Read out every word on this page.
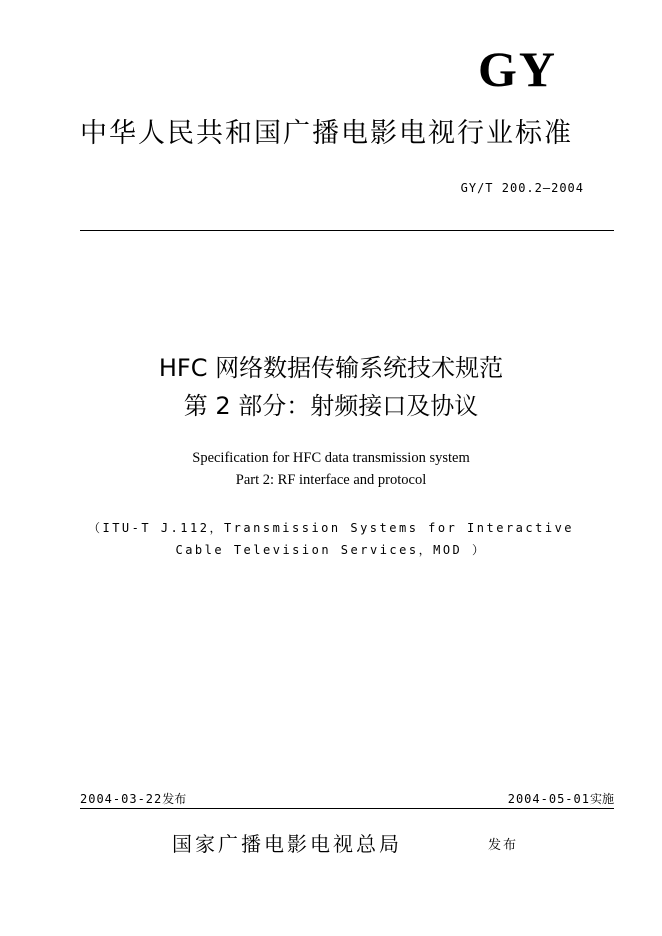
GY
中华人民共和国广播电影电视行业标准
GY/T 200.2—2004
HFC 网络数据传输系统技术规范
第 2 部分：射频接口及协议
Specification for HFC data transmission system
Part 2: RF interface and protocol
（ITU-T J.112，Transmission Systems for Interactive
Cable Television Services，MOD ）
2004-03-22发布	2004-05-01实施
国家广播电影电视总局	发布
